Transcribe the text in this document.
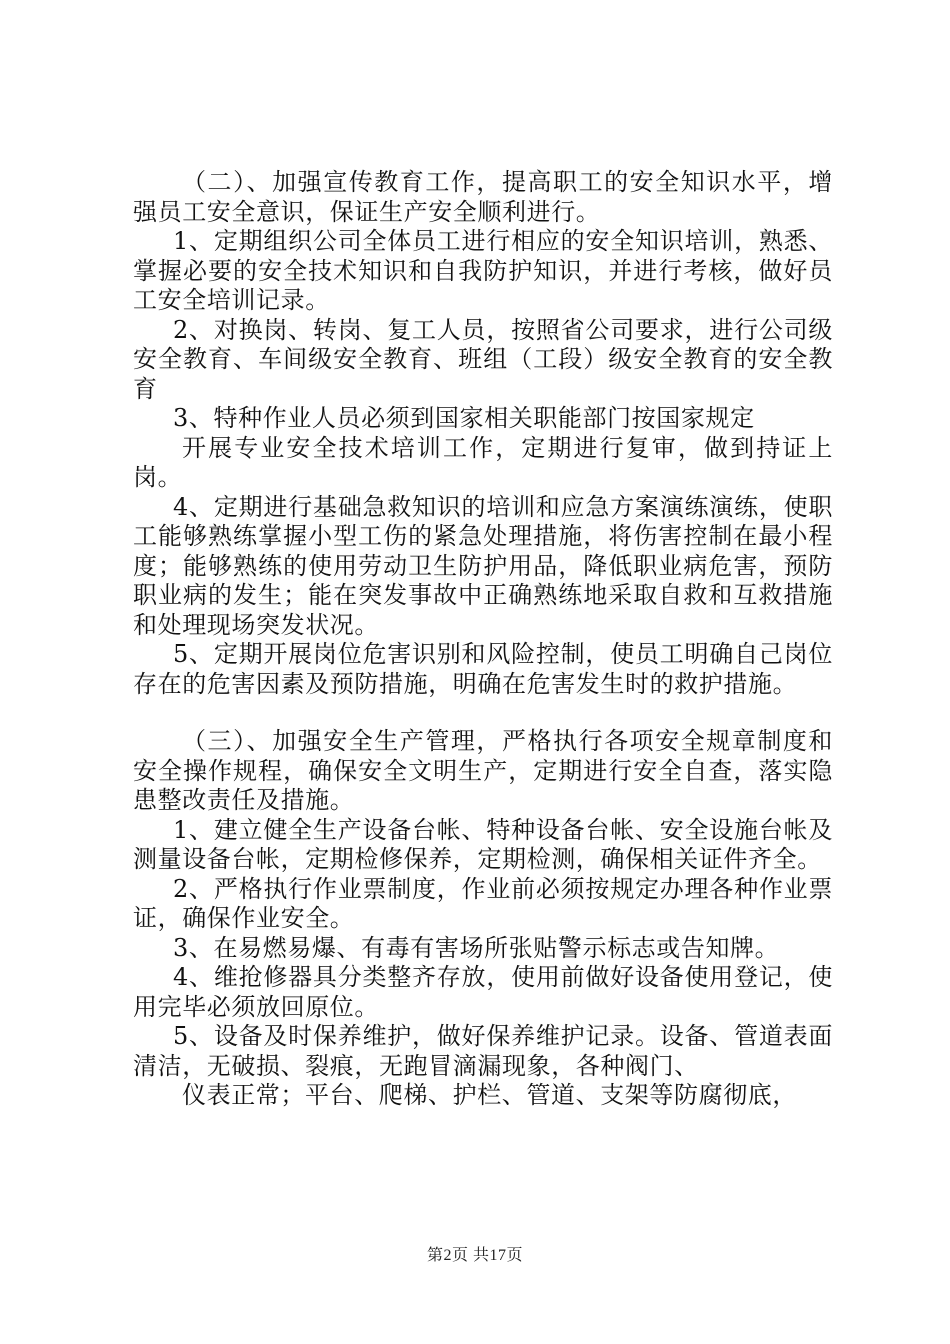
（二）、加强宣传教育工作，提高职工的安全知识水平，增强员工安全意识，保证生产安全顺利进行。

1、定期组织公司全体员工进行相应的安全知识培训，熟悉、掌握必要的安全技术知识和自我防护知识，并进行考核，做好员工安全培训记录。

2、对换岗、转岗、复工人员，按照省公司要求，进行公司级安全教育、车间级安全教育、班组（工段）级安全教育的安全教育

3、特种作业人员必须到国家相关职能部门按国家规定

开展专业安全技术培训工作，定期进行复审，做到持证上岗。

4、定期进行基础急救知识的培训和应急方案演练演练，使职工能够熟练掌握小型工伤的紧急处理措施，将伤害控制在最小程度；能够熟练的使用劳动卫生防护用品，降低职业病危害，预防职业病的发生；能在突发事故中正确熟练地采取自救和互救措施和处理现场突发状况。

5、定期开展岗位危害识别和风险控制，使员工明确自己岗位存在的危害因素及预防措施，明确在危害发生时的救护措施。

（三）、加强安全生产管理，严格执行各项安全规章制度和安全操作规程，确保安全文明生产，定期进行安全自查，落实隐患整改责任及措施。

1、建立健全生产设备台帐、特种设备台帐、安全设施台帐及测量设备台帐，定期检修保养，定期检测，确保相关证件齐全。

2、严格执行作业票制度，作业前必须按规定办理各种作业票证，确保作业安全。

3、在易燃易爆、有毒有害场所张贴警示标志或告知牌。

4、维抢修器具分类整齐存放，使用前做好设备使用登记，使用完毕必须放回原位。

5、设备及时保养维护，做好保养维护记录。设备、管道表面清洁，无破损、裂痕，无跑冒滴漏现象，各种阀门、

仪表正常；平台、爬梯、护栏、管道、支架等防腐彻底，

第2页 共17页
